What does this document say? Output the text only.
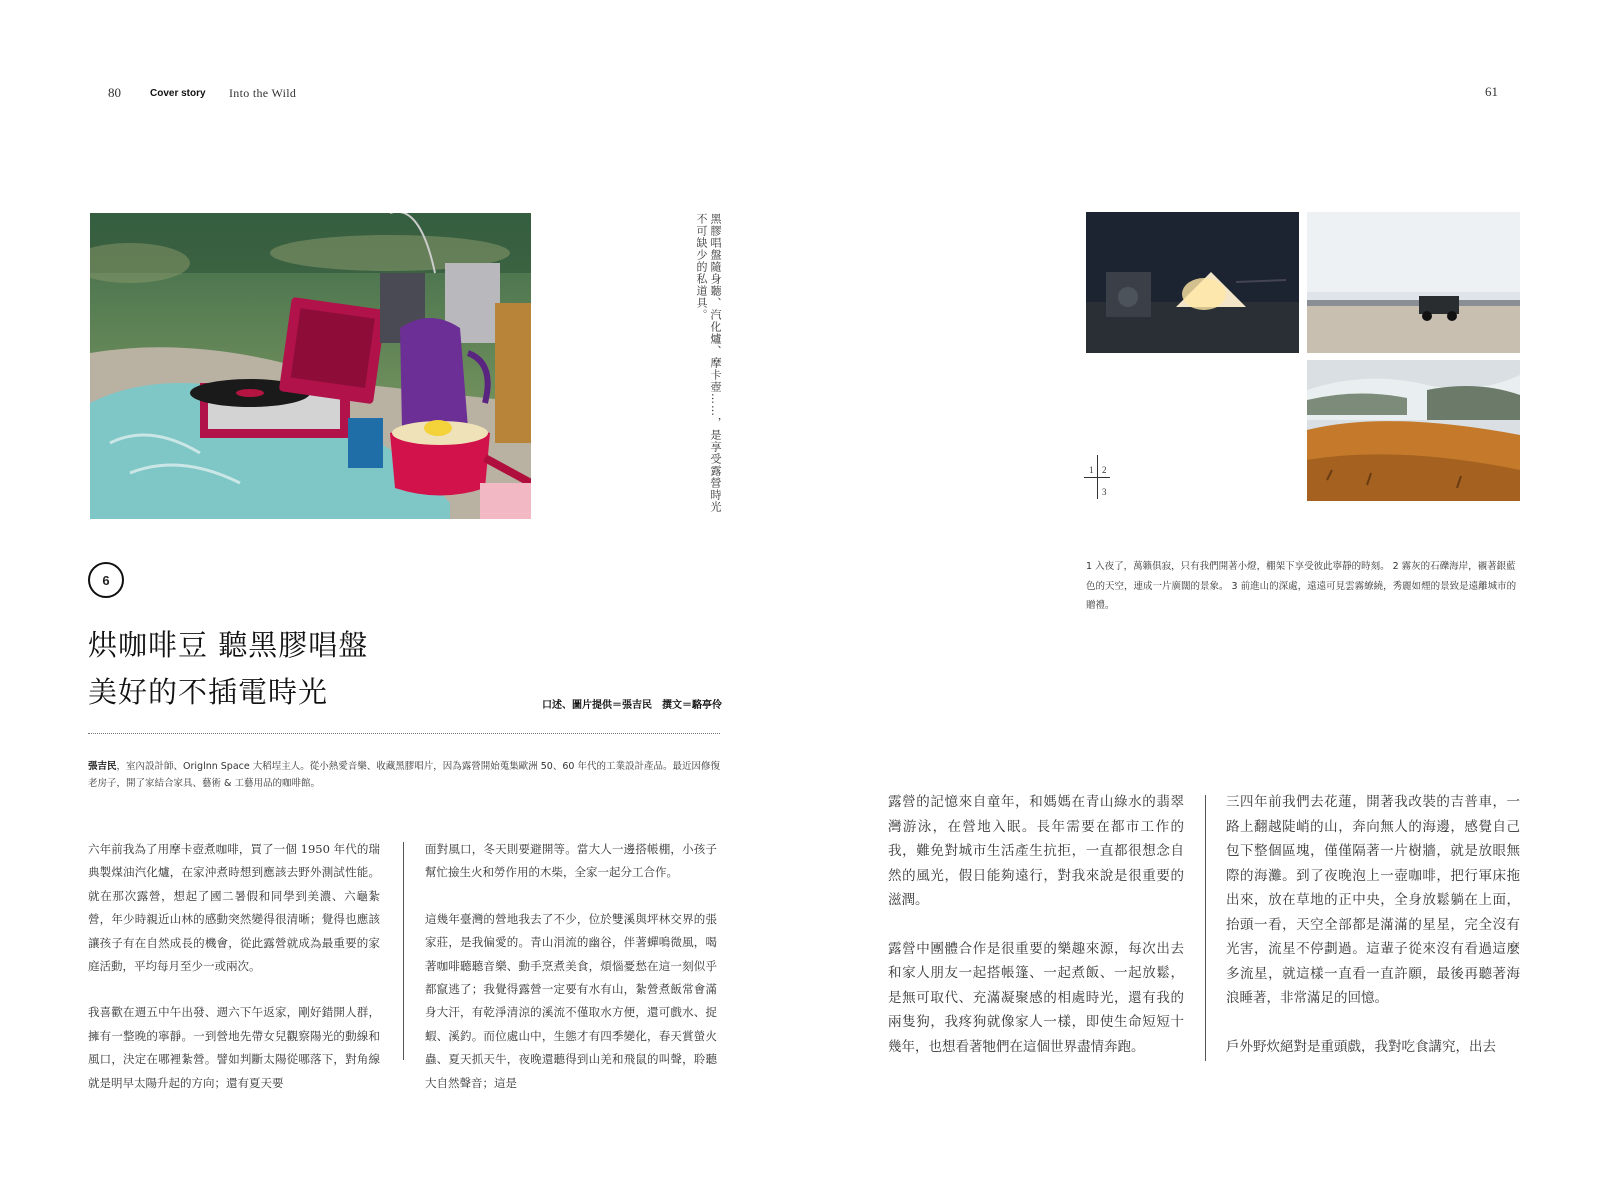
80	Cover story Into the Wild	61
黑膠唱盤隨身聽、汽化爐、摩卡壺……，是享受露營時光不可缺少的私道具。
6
烘咖啡豆 聽黑膠唱盤
美好的不插電時光	口述、圖片提供＝張吉民　撰文＝駱亭伶
張吉民，室內設計師、Origlnn Space 大稻埕主人。從小熱愛音樂、收藏黑膠唱片，因為露營開始蒐集歐洲 50、60 年代的工業設計產品。最近因修復老房子，開了家結合家具、藝術 & 工藝用品的咖啡館。

六年前我為了用摩卡壺煮咖啡，買了一個 1950 年代的瑞典製煤油汽化爐，在家沖煮時想到應該去野外測試性能。就在那次露營，想起了國二暑假和同學到美濃、六龜紮營，年少時親近山林的感動突然變得很清晰；覺得也應該讓孩子有在自然成長的機會，從此露營就成為最重要的家庭活動，平均每月至少一或兩次。

我喜歡在週五中午出發、週六下午返家，剛好錯開人群，擁有一整晚的寧靜。一到營地先帶女兒觀察陽光的動線和風口，決定在哪裡紮營。譬如判斷太陽從哪落下，對角線就是明早太陽升起的方向；還有夏天要

面對風口，冬天則要避開等。當大人一邊搭帳棚，小孩子幫忙撿生火和勞作用的木柴，全家一起分工合作。

這幾年臺灣的營地我去了不少，位於雙溪與坪林交界的張家莊，是我偏愛的。青山涓流的幽谷，伴著蟬鳴微風，喝著咖啡聽聽音樂、動手烹煮美食，煩惱憂愁在這一刻似乎都竄逃了；我覺得露營一定要有水有山，紮營煮飯常會滿身大汗，有乾淨清涼的溪流不僅取水方便，還可戲水、捉蝦、溪釣。而位處山中，生態才有四季變化，春天賞螢火蟲、夏天抓天牛，夜晚還聽得到山羌和飛鼠的叫聲，聆聽大自然聲音；這是

1 2
3
1 入夜了，萬籟俱寂，只有我們開著小燈，棚架下享受彼此寧靜的時刻。 2 霧灰的石礫海岸，襯著銀藍色的天空，連成一片廣闊的景象。 3 前進山的深處，遠遠可見雲霧繚繞，秀麗如煙的景致是遠離城市的贈禮。

露營的記憶來自童年，和媽媽在青山綠水的翡翠灣游泳，在營地入眠。長年需要在都市工作的我，難免對城市生活產生抗拒，一直都很想念自然的風光，假日能夠遠行，對我來說是很重要的滋潤。

露營中團體合作是很重要的樂趣來源，每次出去和家人朋友一起搭帳篷、一起煮飯、一起放鬆，是無可取代、充滿凝聚感的相處時光，還有我的兩隻狗，我疼狗就像家人一樣，即使生命短短十幾年，也想看著牠們在這個世界盡情奔跑。

三四年前我們去花蓮，開著我改裝的吉普車，一路上翻越陡峭的山，奔向無人的海邊，感覺自己包下整個區塊，僅僅隔著一片樹牆，就是放眼無際的海灘。到了夜晚泡上一壺咖啡，把行軍床拖出來，放在草地的正中央，全身放鬆躺在上面，抬頭一看，天空全部都是滿滿的星星，完全沒有光害，流星不停劃過。這輩子從來沒有看過這麼多流星，就這樣一直看一直許願，最後再聽著海浪睡著，非常滿足的回憶。

戶外野炊絕對是重頭戲，我對吃食講究，出去
